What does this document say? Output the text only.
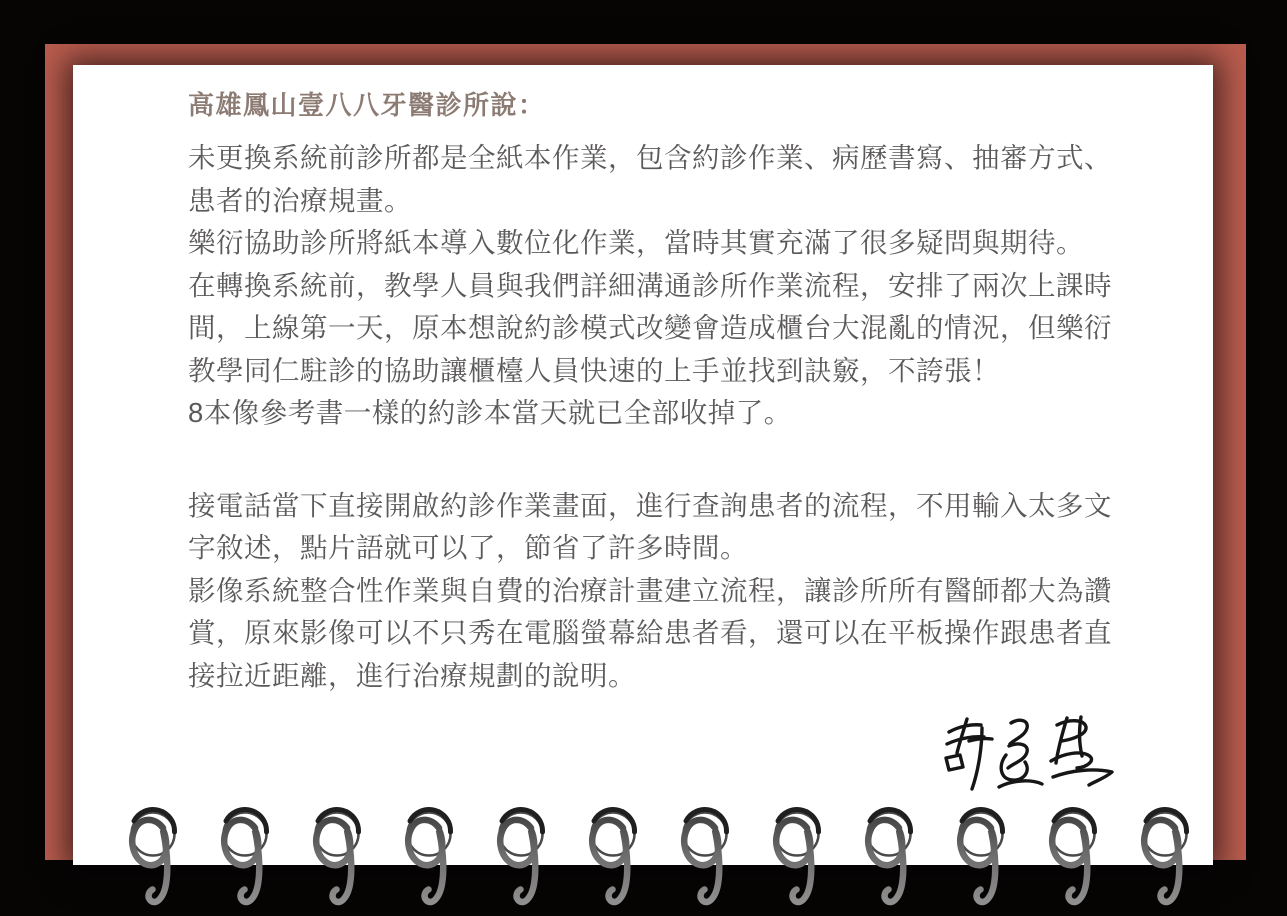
高雄鳳山壹八八牙醫診所說：

未更換系統前診所都是全紙本作業，包含約診作業、病歷書寫、抽審方式、患者的治療規畫。

樂衍協助診所將紙本導入數位化作業，當時其實充滿了很多疑問與期待。

在轉換系統前，教學人員與我們詳細溝通診所作業流程，安排了兩次上課時間，上線第一天，原本想說約診模式改變會造成櫃台大混亂的情況，但樂衍教學同仁駐診的協助讓櫃檯人員快速的上手並找到訣竅，不誇張！

8本像參考書一樣的約診本當天就已全部收掉了。

接電話當下直接開啟約診作業畫面，進行查詢患者的流程，不用輸入太多文字敘述，點片語就可以了，節省了許多時間。

影像系統整合性作業與自費的治療計畫建立流程，讓診所所有醫師都大為讚賞，原來影像可以不只秀在電腦螢幕給患者看，還可以在平板操作跟患者直接拉近距離，進行治療規劃的說明。
